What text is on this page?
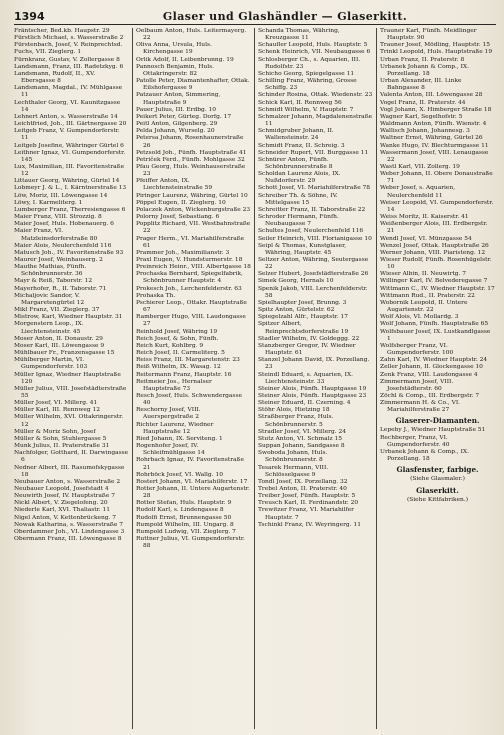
1394	Glaser und Glashändler — Glaserkitt.
Fräntscher, Bed.kb. Haupstr. 29
Fürstlich Michael, s. Wasserstraße 2
Fürstenbach, Josef, V. Reinprechtsd.
Fuchs, VII. Zieglerg. 1
Fürnkranz, Gustav, V. Zollergasse 8
Landsmann, Franz, III. Radetzkyg. 6
Landsmann, Rudolf, II., XV. Ebersgasse 8
Landsmann, Magdal., IV. Mühlgasse 11
Lechthaler Georg, VI. Kaunitzgasse 14
Lehnert Anton, s. Wasserstraße 14
Leichtfried, Joh., III. Gärtnergasse 20
Leitgeb Franz, V. Gumpendorferstr. 11
Leitgeb Josefine, Währinger Gürtel 6
Leithner Ignaz, VI. Gumpendorferstr. 145
Lux, Maximilian, III. Favoritenstraße 12
Littauer Georg, Währing, Gürtel 14
Lobmeyr J. & L., I. Kärntnerstraße 13
Löw, Moriz, III. Löwengasse 14
Löwy, I. Karmeliterg. 1
Lumberger Franz, Therresiengasse 6
Maier Franz, VIII. Strozzig. 8
Maier Josef, Huls. Hobenauerg. 6
Maier Franz, VI. Matzleinsdorferstraße 80
Maier Alois, Neulerchenfeld 116
Matusch Joh., IV. Favoritenstraße 93
Maurer Josef, Weinhauserg. 2
Mauthe Mathias, Fünfh. Schönbrunnerstr. 36
Mayr & Reiß, Taborstr. 12
Mayerhofer, R., II. Taborstr. 71
Michaljovic Sandor, V. Margaretengürtel 12
Mikl Franz, VII. Zieglerg. 37
Mistrow, Karl, Wiedner Hauptstr. 31
Morgenstern Leop., IX. Liechtensteinstr. 45
Moser Anton, II. Donaustr. 29
Moser Karl, III. Löwengasse 9
Mühlbauer Fr., Franzensgasse 15
Mühlberger Martin, VI. Gumpendorferstr. 103
Müller Ignaz, Wiedner Hauptstraße 120
Müller Julius, VIII. Josefstädterstraße 55
Müller Josef, VI. Millerg. 41
Müller Karl, III. Rennweg 12
Müller Wilhelm, XVI. Ottakringerstr. 12
Müller & Moriz Sohn, Josef
Müller & Sohn, Stuhlergasse 5
Munk Julius, II. Praterstraße 31
Nachfolger, Gotthard, II. Darwingasse 6
Nedner Albert, III. Rasumofskygasse 18
Neubauer Anton, s. Wasserstraße 2
Neubauer Leopold, Josefstadt 4
Neuwirth Josef, IV. Hauptstraße 7
Nickl Albert, V. Ziegelofeng. 20
Niederle Karl, XVI. Thaliastr. 11
Nigel Anton, V. Kettenbrückeng. 7
Nowak Katharina, s. Wasserstraße 7
Oberdammer Joh., VI. Lindengasse 3
Obermann Franz, III. Löwengasse 8
Oelbaum Anton, Huls. Leitermayerg. 22
Oliva Anna, Ursula, Huls. Kirchengasse 19
Orlik Adolf, II. Leibenbrunng. 19
Pannosch Benjamin, Huls. Ottakringerstr. 82
Patolle Peter, Diamantenhafter, Ottak. Eilshofergasse 9
Patzauer Anton, Simmering, Hauptstraße 9
Pauer Julius, III. Erdbg. 10
Peikert Peter, Gürteg. Dorfg. 17
Peitl Anton, Gilgenberg. 29
Pelda Johann, Wurselg. 20
Petersa Johann, Rosenhaunerstraße 26
Petzsold Joh., Fünfh. Hauptstraße 41
Petriček Ferd., Fünfh. Mohlgasse 32
Pfau Georg, Huls. Weinhauserstraße 23
Pfeiffer Anton, IX. Liechtensteinstraße 59
Piringer Laurenz, Währing, Gürtel 10
Pöppel Eugen, II. Zieglerg. 10
Polaczek Anton, Wickenburgstraße 23
Polorny Josef, Sebastiang. 6
Popplitz Richard, VII. Westbahnstraße 22
Prager Herm., VI. Mariahilferstraße 61
Prammer Joh., Maximilianstr. 3
Praxl Eugen, V. Hundsturmerstr. 18
Preinreich Heinr., VIII. Albertgasse 18
Prochaska Bernhard, Spiegelfabrik, Schönbrunner Hauptstr. 4
Prokesch Joh., Lerchenfelderstr. 63
Prohaska Th.
Pschierer Leop., Ottakr. Hauptstraße 67
Ramberger Hugo, VIII. Laudongasse 27
Reinhold Josef, Währing 19
Reich Josef, & Sohn, Fünfh.
Reich Kurt, Kohlbrg. 9
Reich Josef, II. Carmeliterg. 5
Reiss Franz, III. Margaretenstr. 23
Reiß Wilhelm, IX. Wasag. 12
Reitermann Franz, Hauptstr. 16
Reitmeier Jos., Hernalser Hauptstraße 73
Resch Josef, Huls. Schwendergasse 40
Reschorny Josef, VIII. Auerspergstraße 2
Richter Laurenz, Wiedner Hauptstraße 12
Ried Johann, IX. Serviteng. 1
Rogenhofer Josef, IV. Schleifmühlgasse 14
Rohrbach Ignaz, IV. Favoritenstraße 21
Rohrböck Josef, VI. Wallg. 10
Rostert Johann, VI. Mariahilferstr. 17
Rotter Johann, II. Untere Augartenstr. 28
Rotter Stefan, Huls. Hauptstr. 9
Rudolf Karl, s. Lindengasse 8
Rudolfi Ernst, Brunnengasse 50
Rumpold Wilhelm, III. Ungarg. 8
Rumpold Ludwig, VII. Zieglerg. 7
Ruttner Julius, VI. Gumpendorferstr. 88
Schanda Thomas, Währing, Kreuzgasse 11
Schaufler Leopold, Huls. Hauptstr. 5
Schenk Heinrich, VII. Neubaugasse 6
Schlosberger Ch., s. Aquarien, III. Rudolfstr. 23
Schicho Georg, Spiegelgasse 11
Schilling Franz, Währing, Grosse Schiffg. 23
Schinder Rosina, Ottak. Wiedenstr. 23
Schick Karl, II. Rennweg 56
Schmidt Wilhelm, V. Hauptstr. 7
Schmalzer Johann, Magdalenenstraße 11
Schmidgruber Johann, II. Wallensteinstr. 24
Schmidt Franz, II. Schreig. 3
Schneider Rupert, VII. Burggasse 11
Schnürer Anton, Fünfh. Schönbrunnerstraße 8
Scholdan Laurenz Alois, IX. Nußdorferstr. 29
Schott Josef, VI. Mariahilferstraße 78
Schreiber Th. & Söhne, IV. Mittelgasse 15
Schreitter Franz, II. Taborstraße 22
Schroder Hermann, Fünfh. Neubaugasse 7
Schultes Josef, Neulerchenfeld 116
Seiler Heinrich, VIII. Florianigasse 10
Seipl & Thomas, Kunstglaser, Währing, Hauptstr. 45
Seltzer Anton, Währing, Seutergasse 22
Selzer Hubert, Josefstädterstraße 26
Simek Georg, Hernals 10
Spenik Jakob, VIII. Lerchenfelderstr. 58
Spielhaupter Josef, Brunng. 3
Spitz Anton, Gürtelstr. 62
Spiegelzahl Alfr., Hauptstr. 17
Spitzer Albert, Reinprechtsdorferstraße 19
Stadler Wilhelm, IV. Goldeggg. 22
Stanzberger Gregor, IV. Wiedner Hauptstr. 61
Stanzel Johann David, IX. Porzellang. 23
Steindl Eduard, s. Aquarien, IX. Liechtensteinstr. 33
Steiner Alois, Fünfh. Hauptgasse 19
Steiner Alois, Fünfh. Hauptgasse 23
Steiner Eduard, II. Czerning. 4
Stöhr Alois, Hietzing 18
Straßberger Franz, Huls. Schönbrunnerstr. 5
Stradler Josef, VI. Millerg. 24
Stutz Anton, VI. Schmalz 15
Suppan Johann, Sandgasse 8
Swoboda Johann, Huls. Schönbrunnerstr. 8
Tesarek Hermann, VIII. Schlösselgasse 9
Tondl Josef, IX. Porzellang. 32
Trebel Anton, II. Praterstr. 40
Treiber Josef, Fünfh. Hauptstr. 5
Treusch Karl, II. Ferdinandstr. 20
Trewitzer Franz, VI. Mariahilfer Hauptstr. 7
Tschinkl Franz, IV. Weyringerg. 11
Trauner Karl, Fünfh. Meidlinger Hauptstr. 90
Trauner Josef, Mödling, Hauptstr. 15
Trinkl Leopold, Huls. Hauptstraße 19
Urban Franz, II. Praterstr. 8
Urbanek Johann & Comp., IX. Porzellang. 18
Urban Alexander, III. Linke Bahngasse 8
Valenta Anton, III. Löwengasse 28
Vogel Franz, II. Praterstr. 44
Vogl Johann, X. Himberger Straße 18
Wagner Karl, Segelhofstr. 5
Waldmann Anton, Fünfh. Wienstr. 4
Wallisch Johann, Johannesg. 3
Waltner Ernst, Währing, Gürtel 26
Wanke Hugo, IV. Blechturmgasse 11
Wassermann Josef, VIII. Lenaugasse 22
Wastl Karl, VII. Zollerg. 19
Weber Johann, II. Obere Donaustraße 71
Weber Josef, s. Aquarien, Neulerchenfeld 11
Weiser Leopold, VI. Gumpendorferstr. 14
Weiss Moritz, II. Kaiserstr. 41
Weißenberger Alois, III. Erdbergstr. 21
Wendl Josef, VI. Münzgasse 54
Wenzel Josef, Ottak. Hauptstraße 26
Werner Johann, VIII. Piaristeng. 12
Wieser Rudolf, Fünfh. Rosenhügelstr. 10
Wieser Albin, II. Neuwirtg. 7
Willinger Karl, IV. Belvederegasse 7
Wittmann C., IV. Wiedner Hauptstr. 17
Wittmann Rud., II. Praterstr. 22
Wobornik Leopold, II. Untere Augartenstr. 22
Wolf Alois, VI. Mollardg. 3
Wolf Johann, Fünfh. Hauptstraße 65
Wolfsbauer Josef, IX. Lustkandlgasse 1
Wolfsberger Franz, VI. Gumpendorferstr. 100
Zahn Karl, IV. Wiedner Hauptstr. 24
Zeller Johann, II. Glockengasse 10
Zenk Franz, VIII. Laudongasse 4
Zimmermann Josef, VIII. Josefstädterstr. 60
Zöchl & Comp., III. Erdbergstr. 7
Zimmermann H. & Co., VI. Mariahilferstraße 27
Glaserer-Diamanten.
Lepeby J., Wiedner Hauptstraße 51
Rechberger, Franz, VI. Gumpendorferstr. 40
Urbanek Johann & Comp., IX. Porzellang. 18
Glasfenster, farbige.
(Siehe Glasmaler.)
Glaserkitt.
(Siehe Kittfabriken.)
